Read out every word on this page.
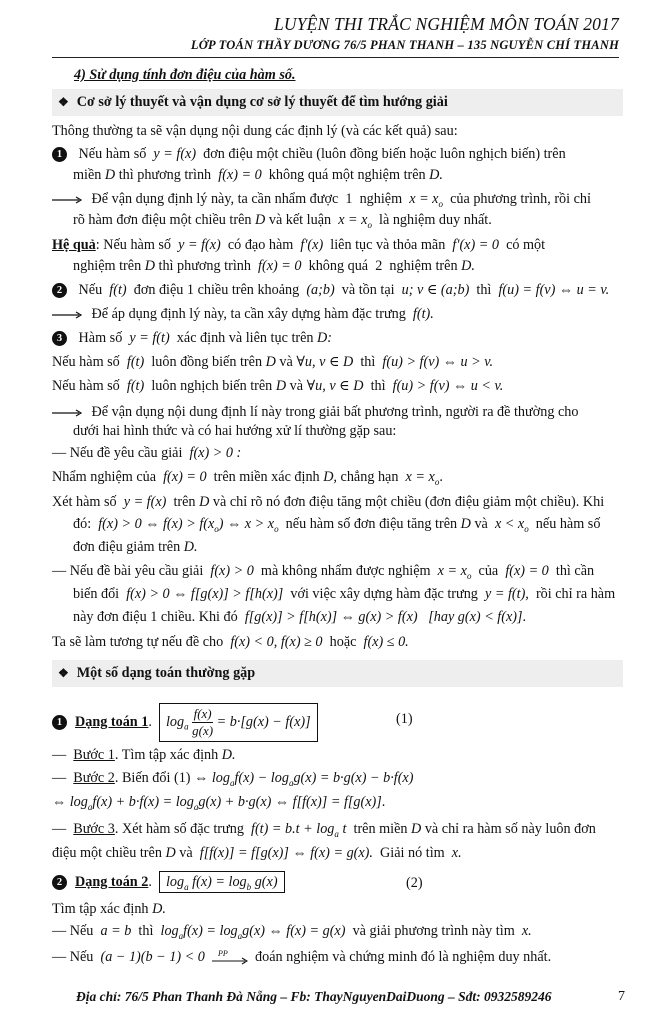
LUYỆN THI TRẮC NGHIỆM MÔN TOÁN 2017
LỚP TOÁN THẦY DƯƠNG 76/5 PHAN THANH – 135 NGUYỄN CHÍ THANH
4) Sử dụng tính đơn điệu của hàm số.
❖ Cơ sở lý thuyết và vận dụng cơ sở lý thuyết để tìm hướng giải
Thông thường ta sẽ vận dụng nội dung các định lý (và các kết quả) sau:
1 Nếu hàm số y = f(x) đơn điệu một chiều (luôn đồng biến hoặc luôn nghịch biến) trên
miền D thì phương trình f(x) = 0 không quá một nghiệm trên D.
Để vận dụng định lý này, ta cần nhẩm được 1 nghiệm $x = x_o$ của phương trình, rồi chỉ
rõ hàm đơn điệu một chiều trên D và kết luận $x = x_o$ là nghiệm duy nhất.
Hệ quả: Nếu hàm số y = f(x) có đạo hàm f′(x) liên tục và thỏa mãn f′(x) = 0 có một
nghiệm trên D thì phương trình f(x) = 0 không quá 2 nghiệm trên D.
2 Nếu f(t) đơn điệu 1 chiều trên khoảng (a;b) và tồn tại u; v ∈ (a;b) thì f(u) = f(v) ⇔ u = v.
Để áp dụng định lý này, ta cần xây dựng hàm đặc trưng f(t).
3 Hàm số y = f(t) xác định và liên tục trên D:
Nếu hàm số f(t) luôn đồng biến trên D và ∀u, v ∈ D thì f(u) > f(v) ⇔ u > v.
Nếu hàm số f(t) luôn nghịch biến trên D và ∀u, v ∈ D thì f(u) > f(v) ⇔ u < v.
Để vận dụng nội dung định lí này trong giải bất phương trình, người ra đề thường cho
dưới hai hình thức và có hai hướng xử lí thường gặp sau:
— Nếu đề yêu cầu giải f(x) > 0 :
Nhẩm nghiệm của f(x) = 0 trên miền xác định D, chẳng hạn $x = x_o$.
Xét hàm số y = f(x) trên D và chỉ rõ nó đơn điệu tăng một chiều (đơn điệu giảm một chiều). Khi
đó: f(x) > 0 ⇔ $f(x) > f(x_o)$ ⇔ $x > x_o$ nếu hàm số đơn điệu tăng trên D và $x < x_o$ nếu hàm số
đơn điệu giảm trên D.
— Nếu đề bài yêu cầu giải f(x) > 0 mà không nhẩm được nghiệm $x = x_o$ của f(x) = 0 thì cần
biến đổi f(x) > 0 ⇔ f[g(x)] > f[h(x)] với việc xây dựng hàm đặc trưng y = f(t), rồi chỉ ra hàm
này đơn điệu 1 chiều. Khi đó f[g(x)] > f[h(x)] ⇔ g(x) > f(x) [hay g(x) < f(x)].
Ta sẽ làm tương tự nếu đề cho f(x) < 0, f(x) ≥ 0 hoặc f(x) ≤ 0.
❖ Một số dạng toán thường gặp
1 Dạng toán 1. $\log_a \frac{f(x)}{g(x)} = b\cdot[g(x) - f(x)]$	(1)
— Bước 1. Tìm tập xác định D.
— Bước 2. Biến đổi (1) ⇔ $\log_af(x) - \log_ag(x) = b\cdot g(x) - b\cdot f(x)$
⇔ $\log_af(x) + b\cdot f(x) = \log_ag(x) + b\cdot g(x)$ ⇔ f[f(x)] = f[g(x)].
— Bước 3. Xét hàm số đặc trưng $f(t) = b.t + \log_a t$ trên miền D và chỉ ra hàm số này luôn đơn
điệu một chiều trên D và f[f(x)] = f[g(x)] ⇔ f(x) = g(x). Giải nó tìm x.
2 Dạng toán 2. $\log_a f(x) = \log_b g(x)$	(2)
Tìm tập xác định D.
— Nếu a = b thì $\log_af(x) = \log_ag(x)$ ⇔ f(x) = g(x) và giải phương trình này tìm x.
— Nếu (a − 1)(b − 1) < 0 PP đoán nghiệm và chứng minh đó là nghiệm duy nhất.
Địa chỉ: 76/5 Phan Thanh Đà Nẵng – Fb: ThayNguyenDaiDuong – Sđt: 0932589246	7
